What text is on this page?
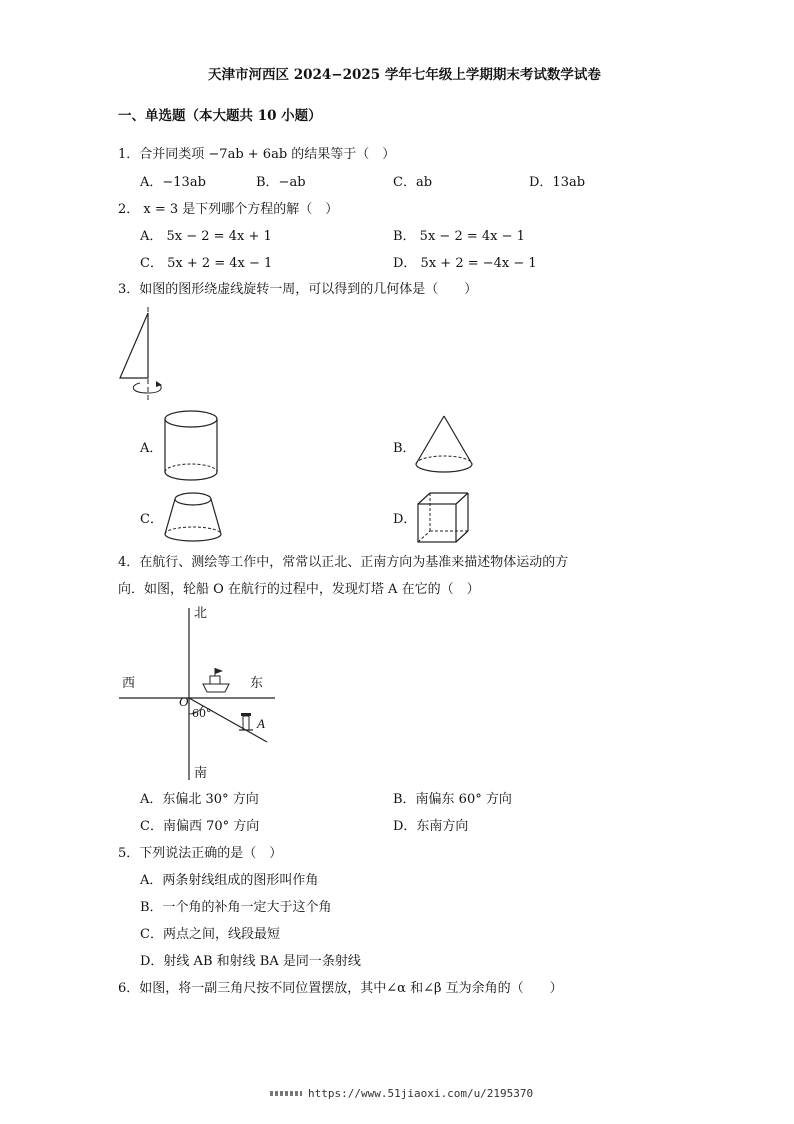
天津市河西区 2024−2025 学年七年级上学期期末考试数学试卷
一、单选题（本大题共 10 小题）
1．合并同类项 −7ab + 6ab 的结果等于（　）
A．−13ab	B．−ab	C．ab	D．13ab
2． x = 3 是下列哪个方程的解（　）
A． 5x − 2 = 4x + 1	B． 5x − 2 = 4x − 1
C． 5x + 2 = 4x − 1	D． 5x + 2 = −4x − 1
3．如图的图形绕虚线旋转一周，可以得到的几何体是（　　）
A．	B．
C．	D．
4．在航行、测绘等工作中，常常以正北、正南方向为基准来描述物体运动的方
向．如图，轮船 O 在航行的过程中，发现灯塔 A 在它的（　）
北
南
西	东
O
60°
A
A．东偏北 30° 方向	B．南偏东 60° 方向
C．南偏西 70° 方向	D．东南方向
5．下列说法正确的是（　）
A．两条射线组成的图形叫作角
B．一个角的补角一定大于这个角
C．两点之间，线段最短
D．射线 AB 和射线 BA 是同一条射线
6．如图，将一副三角尺按不同位置摆放，其中∠α 和∠β 互为余角的（　　）
https://www.51jiaoxi.com/u/2195370
